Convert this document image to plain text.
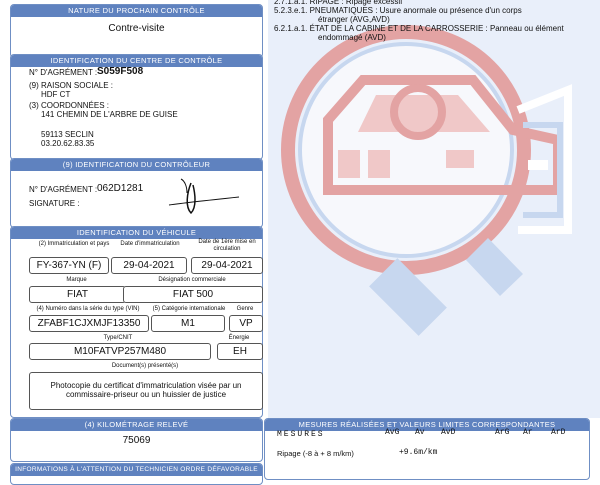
2.7.1.a.1. RIPAGE : Ripage excessif
5.2.3.e.1. PNEUMATIQUES : Usure anormale ou présence d'un corps
étranger (AVG,AVD)
6.2.1.a.1. ÉTAT DE LA CABINE ET DE LA CARROSSERIE : Panneau ou élément
endommagé (AVD)
NATURE DU PROCHAIN CONTRÔLE
Contre-visite
IDENTIFICATION DU CENTRE DE CONTRÔLE
N° D'AGRÉMENT : S059F508
(9) RAISON SOCIALE :
HDF CT
(3) COORDONNÉES :
141 CHEMIN DE L'ARBRE DE GUISE
59113 SECLIN
03.20.62.83.35
(9) IDENTIFICATION DU CONTRÔLEUR
N° D'AGRÉMENT : 062D1281
SIGNATURE :
IDENTIFICATION DU VÉHICULE
(2) Immatriculation et pays	Date d'immatriculation	Date de 1ère mise en circulation
FY-367-YN (F)	29-04-2021	29-04-2021
Marque	Désignation commerciale
FIAT	FIAT 500
(4) Numéro dans la série du type (VIN)	(5) Catégorie internationale	Genre
ZFABF1CJXMJF13350	M1	VP
Type/CNIT	Énergie
M10FATVP257M480	EH
Document(s) présenté(s)
Photocopie du certificat d'immatriculation visée par un
commissaire-priseur ou un huissier de justice
(4) KILOMÉTRAGE RELEVÉ
75069
INFORMATIONS À L'ATTENTION DU TECHNICIEN ORDRE DÉFAVORABLE
MESURES RÉALISÉES ET VALEURS LIMITES CORRESPONDANTES
MESURES	AvG Av AvD	ArG Ar ArD
Ripage (-8 à + 8 m/km)	+9.6m/km
